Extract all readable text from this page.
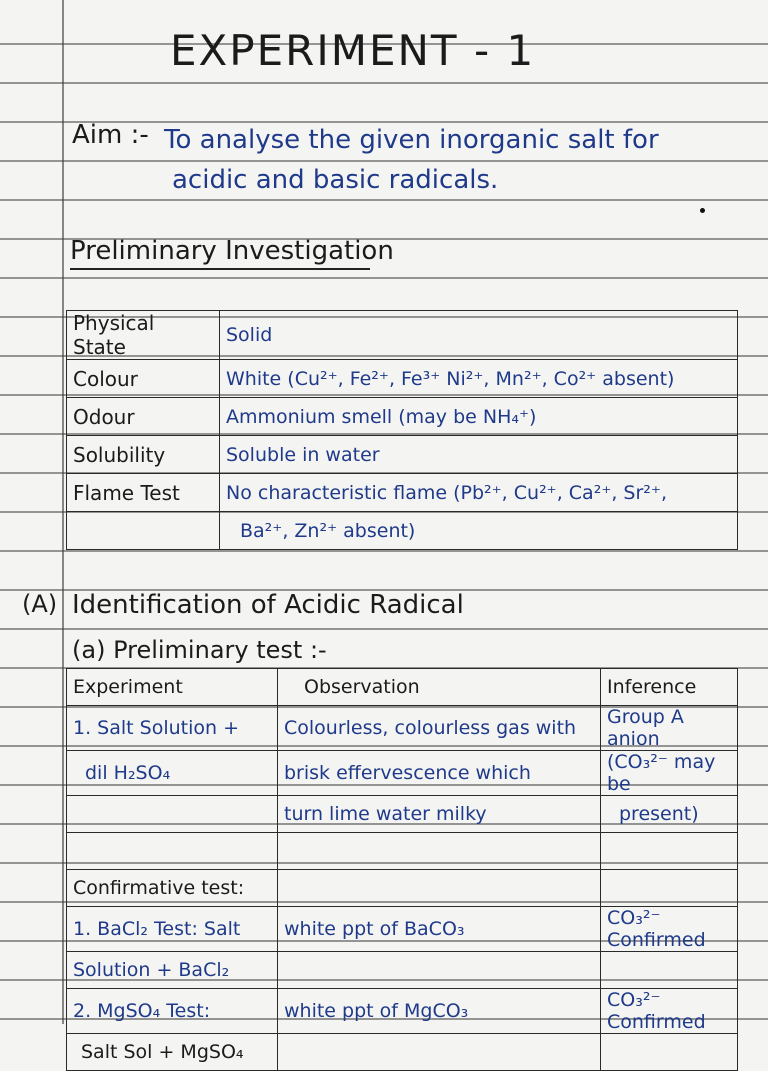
EXPERIMENT - 1
Aim :- To analyse the given inorganic salt for
acidic and basic radicals.
Preliminary Investigation
Physical State	Solid
Colour	White (Cu²⁺, Fe²⁺, Fe³⁺ Ni²⁺, Mn²⁺, Co²⁺ absent)
Odour	Ammonium smell (may be NH₄⁺)
Solubility	Soluble in water
Flame Test	No characteristic flame (Pb²⁺, Cu²⁺, Ca²⁺, Sr²⁺,
	Ba²⁺, Zn²⁺ absent)
(A) Identification of Acidic Radical
(a) Preliminary test :-
Experiment	Observation	Inference
1. Salt Solution +	Colourless, colourless gas with	Group A anion
dil H₂SO₄	brisk effervescence which	(CO₃²⁻ may be
	turn lime water milky	present)

Confirmative test:		
1. BaCl₂ Test: Salt	white ppt of BaCO₃	CO₃²⁻ Confirmed
Solution + BaCl₂		
2. MgSO₄ Test:	white ppt of MgCO₃	CO₃²⁻ Confirmed
Salt Sol + MgSO₄		
